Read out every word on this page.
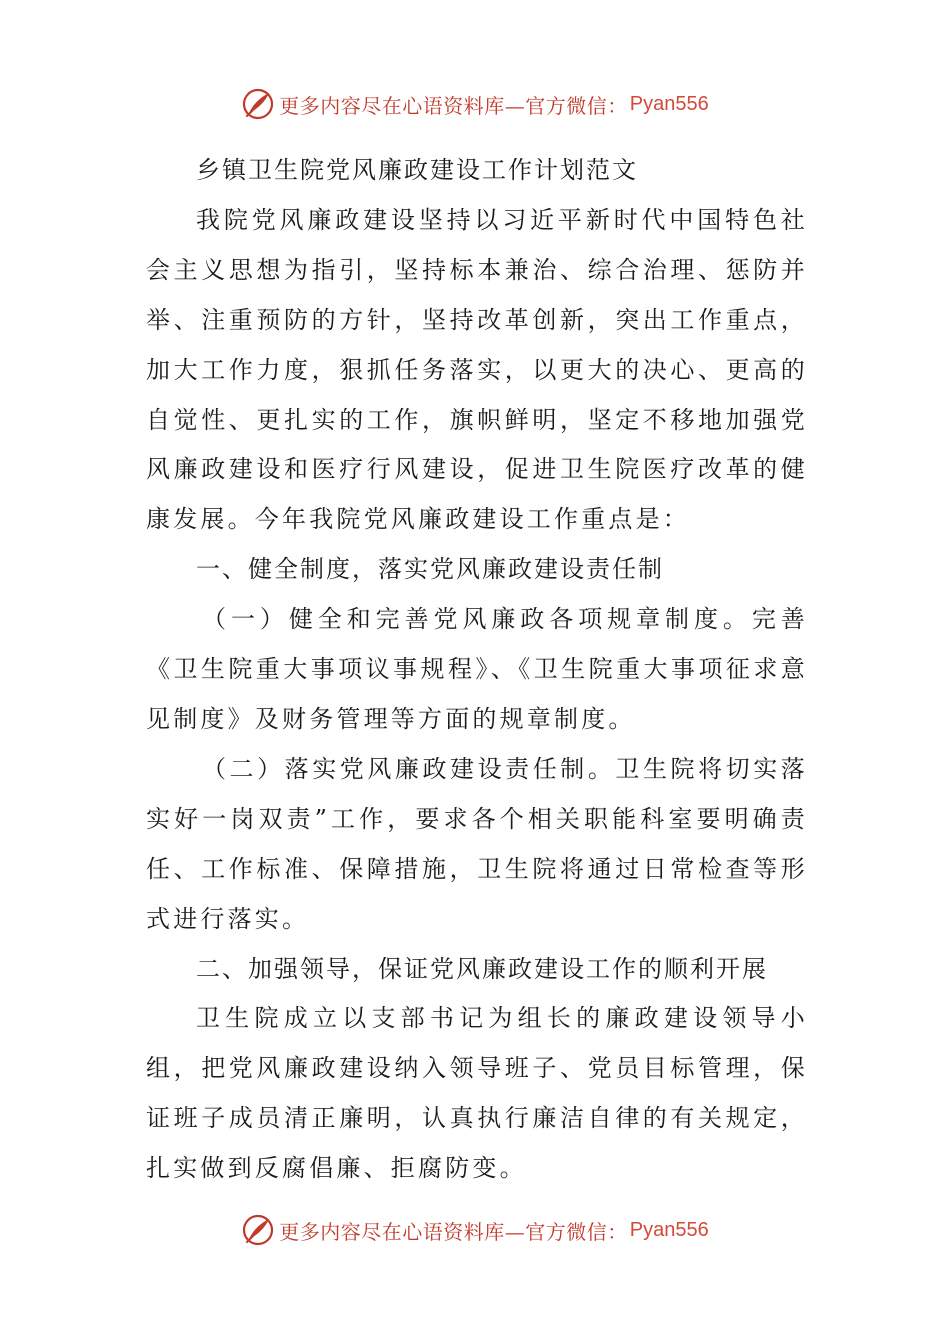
更多内容尽在心语资料库—官方微信： Pyan556

乡镇卫生院党风廉政建设工作计划范文

我院党风廉政建设坚持以习近平新时代中国特色社会主义思想为指引，坚持标本兼治、综合治理、惩防并举、注重预防的方针，坚持改革创新，突出工作重点，加大工作力度，狠抓任务落实，以更大的决心、更高的自觉性、更扎实的工作，旗帜鲜明，坚定不移地加强党风廉政建设和医疗行风建设，促进卫生院医疗改革的健康发展。今年我院党风廉政建设工作重点是：

一、健全制度，落实党风廉政建设责任制

（一）健全和完善党风廉政各项规章制度。完善《卫生院重大事项议事规程》、《卫生院重大事项征求意见制度》及财务管理等方面的规章制度。

（二）落实党风廉政建设责任制。卫生院将切实落实好一岗双责”工作，要求各个相关职能科室要明确责任、工作标准、保障措施，卫生院将通过日常检查等形式进行落实。

二、加强领导，保证党风廉政建设工作的顺利开展

卫生院成立以支部书记为组长的廉政建设领导小组，把党风廉政建设纳入领导班子、党员目标管理，保证班子成员清正廉明，认真执行廉洁自律的有关规定，扎实做到反腐倡廉、拒腐防变。

更多内容尽在心语资料库—官方微信： Pyan556
